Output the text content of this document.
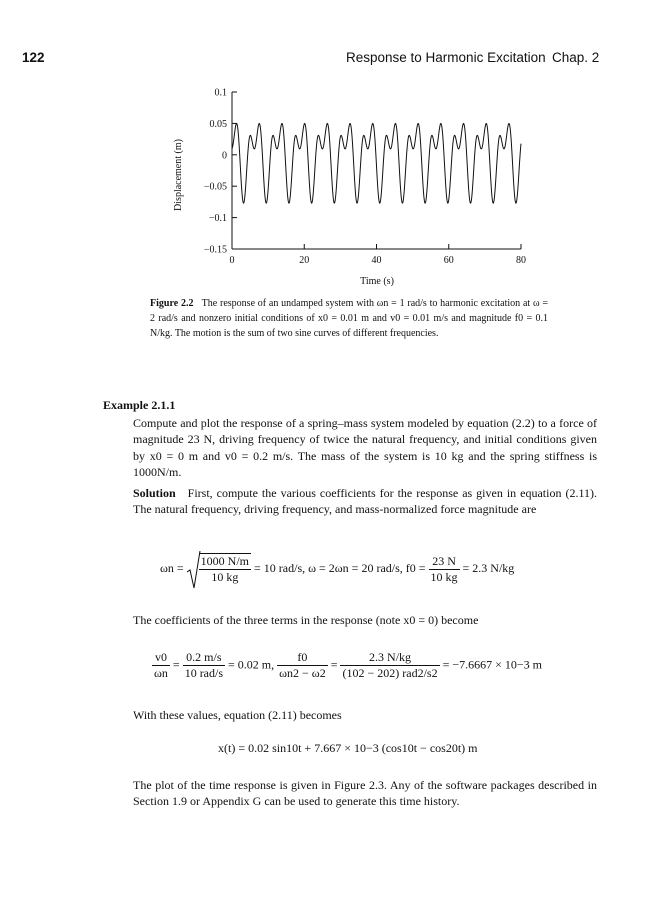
122	Response to Harmonic Excitation Chap. 2
0.1
0.05
0
−0.05
−0.1
−0.15
0	20	40	60	80
Time (s)
Displacement (m)
Figure 2.2 The response of an undamped system with ωn = 1 rad/s to harmonic excitation at ω = 2 rad/s and nonzero initial conditions of x0 = 0.01 m and v0 = 0.01 m/s and magnitude f0 = 0.1 N/kg. The motion is the sum of two sine curves of different frequencies.
Example 2.1.1
Compute and plot the response of a spring–mass system modeled by equation (2.2) to a force of magnitude 23 N, driving frequency of twice the natural frequency, and initial conditions given by x0 = 0 m and v0 = 0.2 m/s. The mass of the system is 10 kg and the spring stiffness is 1000N/m.
Solution First, compute the various coefficients for the response as given in equation (2.11). The natural frequency, driving frequency, and mass-normalized force magnitude are
$\omega n = \frac{1000 N/m}{10 kg} = 10$ rad/s, ω = 2ωn = 20 rad/s, $f0 = \frac{23 N}{10 kg} = 2.3$ N/kg
The coefficients of the three terms in the response (note x0 = 0) become
$\frac{v0}{\omega n} = \frac{0.2 m/s}{\text{10 rad/s}} = 0.02$ m, $\frac{f0}{\omega n2 - \omega 2} = \frac{2.3 N/kg}{\text{(102 − 202) rad2/s2}} = -7.6667 \times 10-3$ m
With these values, equation (2.11) becomes
x(t) = 0.02 sin10t + 7.667 × 10−3 (cos10t − cos20t) m
The plot of the time response is given in Figure 2.3. Any of the software packages described in Section 1.9 or Appendix G can be used to generate this time history.
